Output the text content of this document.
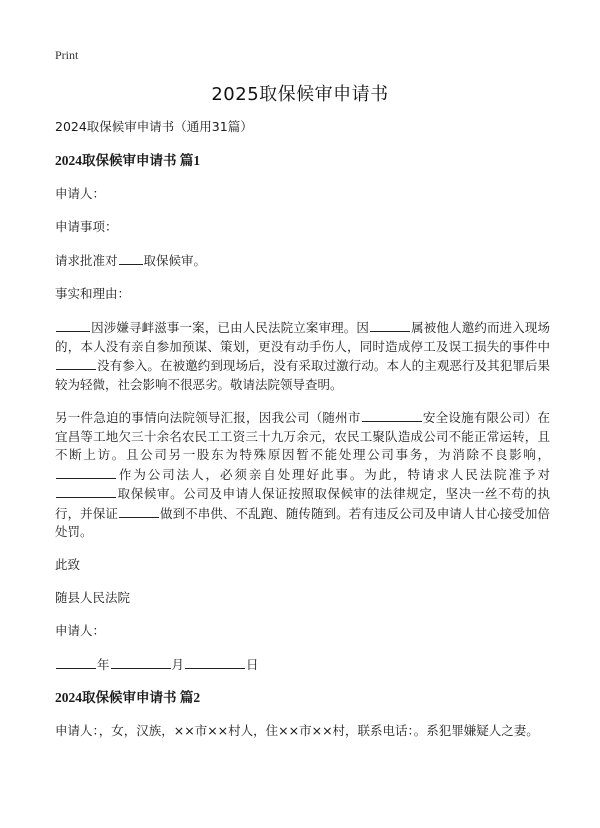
Print
2025取保候审申请书

2024取保候审申请书（通用31篇）

2024取保候审申请书 篇1

申请人：

申请事项：

请求批准对 取保候审。

事实和理由：

因涉嫌寻衅滋事一案，已由人民法院立案审理。因	属被他人邀约而进入现场的，本人没有亲自参加预谋、策划，更没有动手伤人，同时造成停工及误工损失的事件中没有参入。在被邀约到现场后，没有采取过激行动。本人的主观恶行及其犯罪后果较为轻微，社会影响不很恶劣。敬请法院领导查明。

另一件急迫的事情向法院领导汇报，因我公司（随州市	安全设施有限公司）在宜昌等工地欠三十余名农民工工资三十九万余元，农民工聚队造成公司不能正常运转，且不断上访。且公司另一股东为特殊原因暂不能处理公司事务，为消除不良影响，作为公司法人，必须亲自处理好此事。为此，特请求人民法院准予对取保候审。公司及申请人保证按照取保候审的法律规定，坚决一丝不苟的执行，并保证	做到不串供、不乱跑、随传随到。若有违反公司及申请人甘心接受加倍处罚。

此致

随县人民法院

申请人：

年	月	日

2024取保候审申请书 篇2

申请人：，女，汉族，××市××村人，住××市××村，联系电话：。系犯罪嫌疑人之妻。
